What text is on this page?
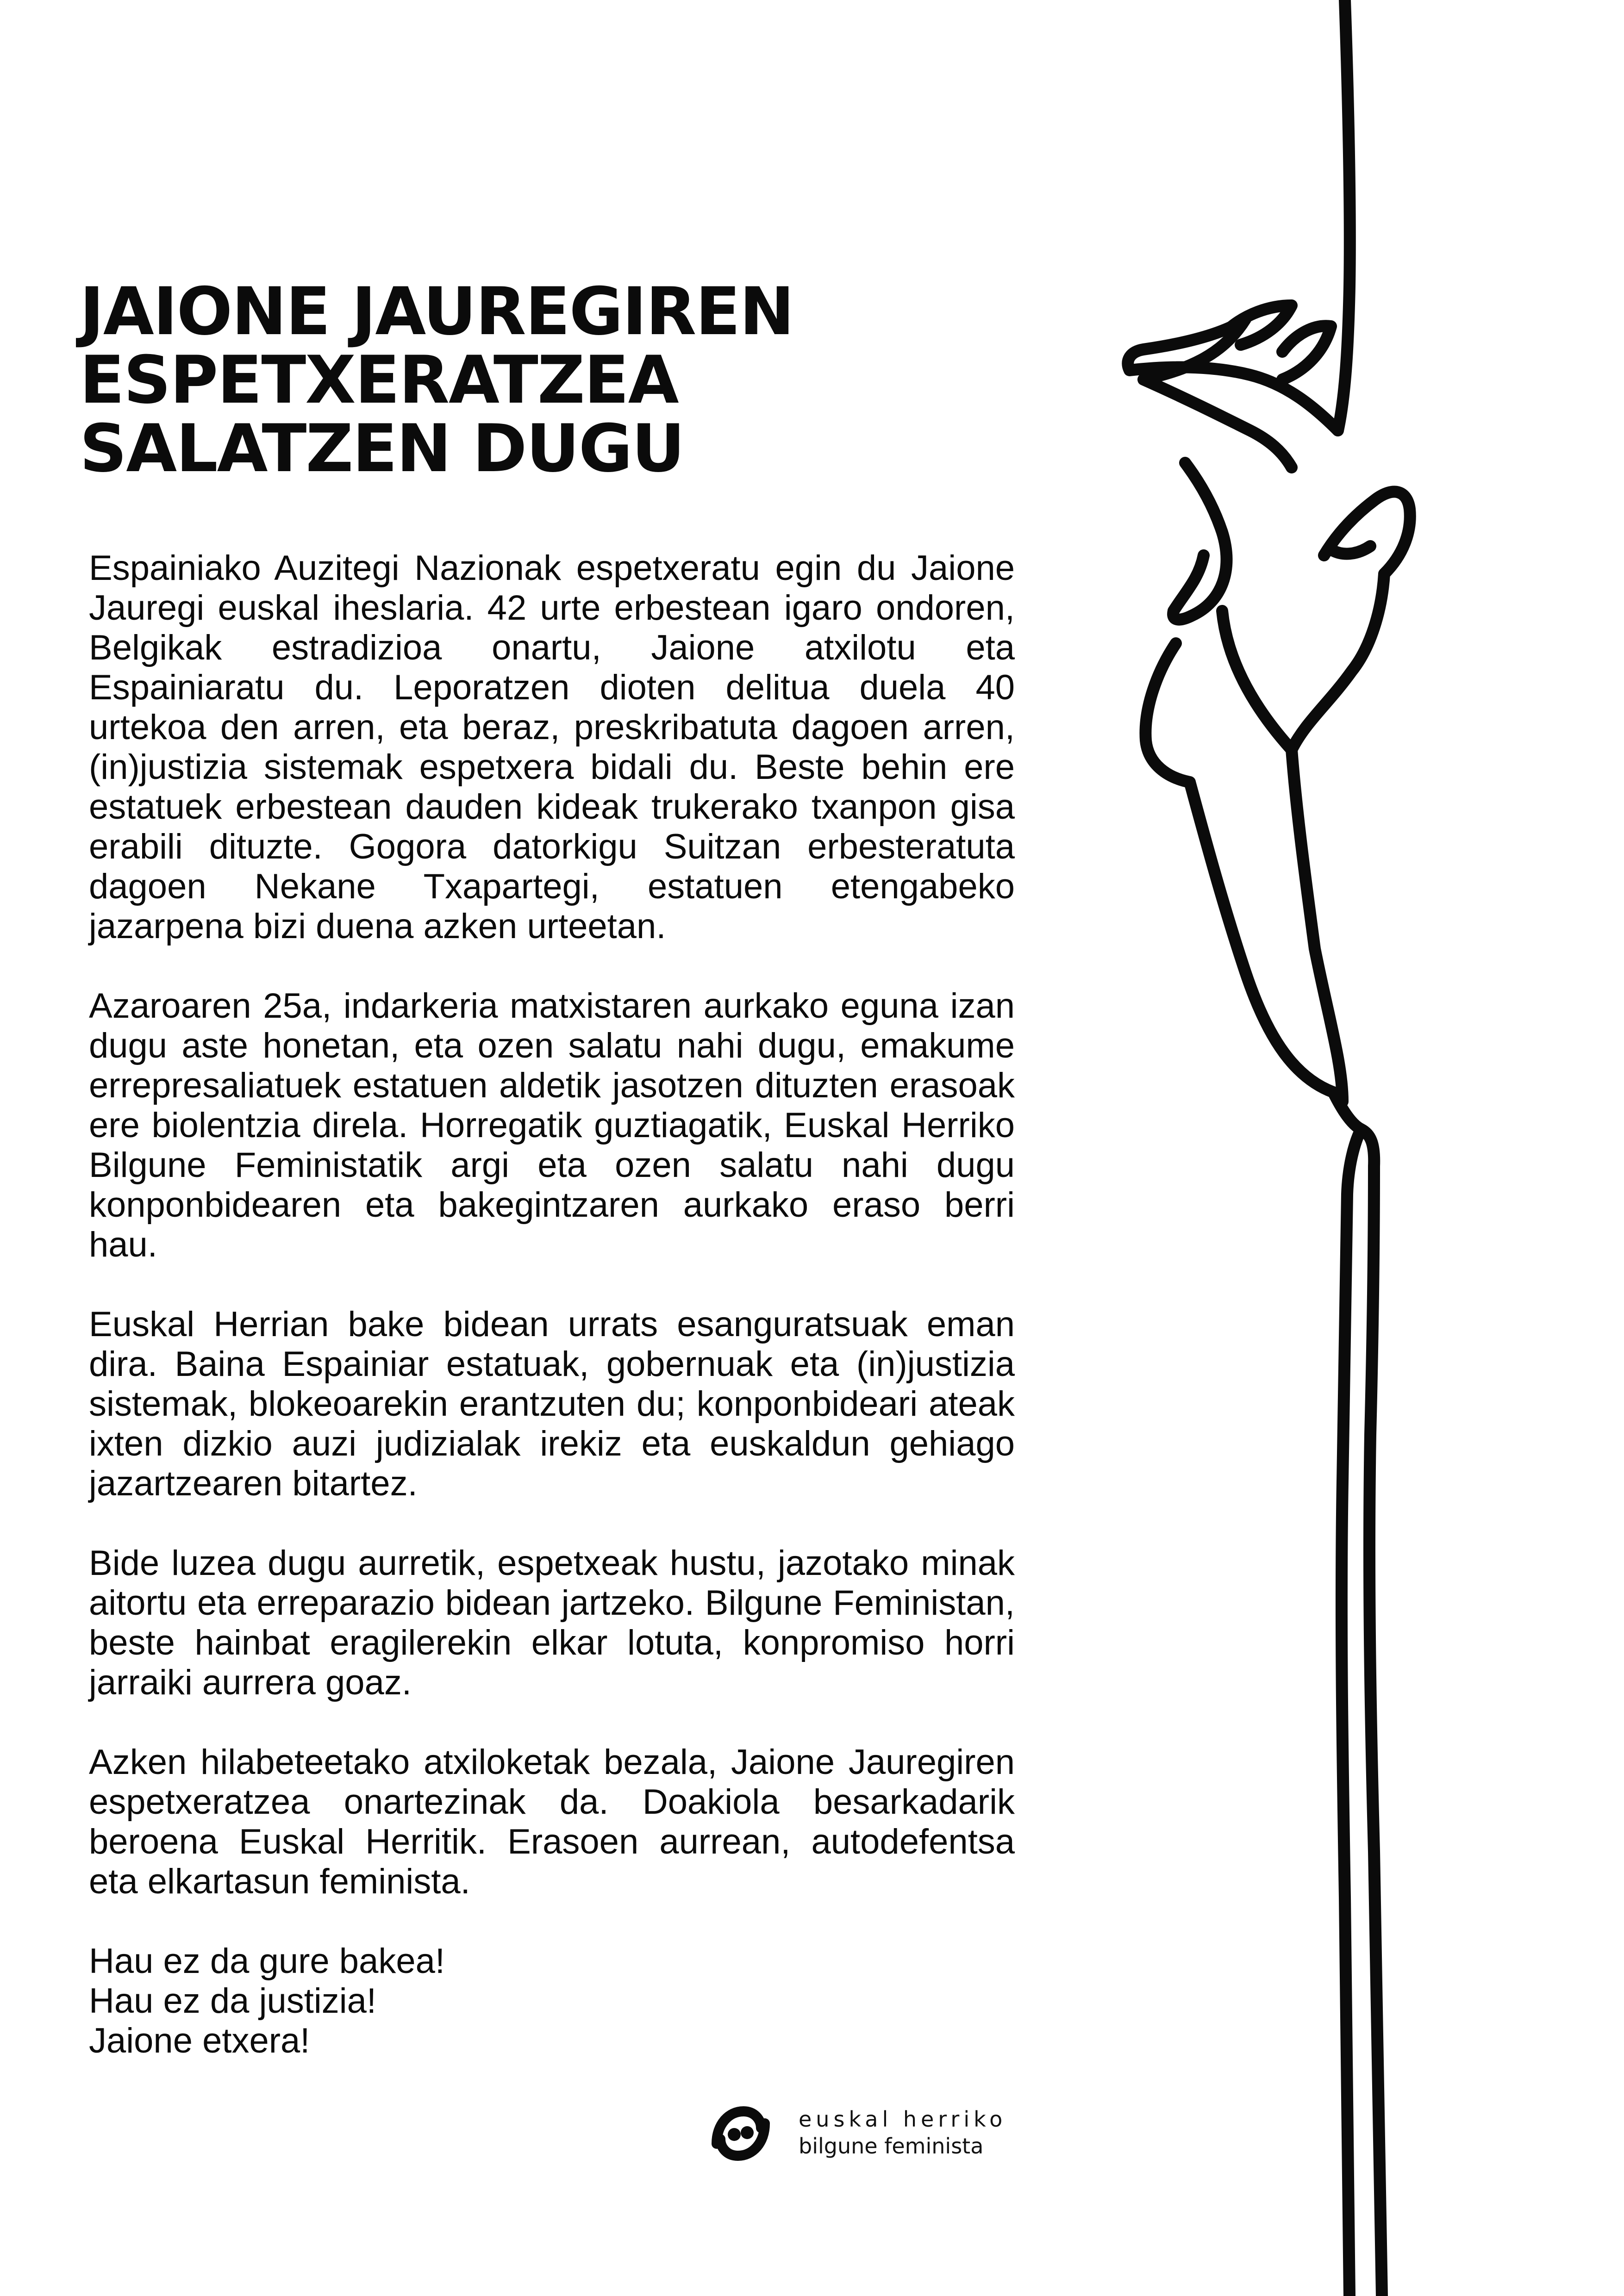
JAIONE JAUREGIREN
ESPETXERATZEA
SALATZEN DUGU

Espainiako Auzitegi Nazionak espetxeratu egin du Jaione Jauregi euskal iheslaria. 42 urte erbestean igaro ondoren, Belgikak estradizioa onartu, Jaione atxilotu eta Espainiaratu du. Leporatzen dioten delitua duela 40 urtekoa den arren, eta beraz, preskribatuta dagoen arren, (in)justizia sistemak espetxera bidali du. Beste behin ere estatuek erbestean dauden kideak trukerako txanpon gisa erabili dituzte. Gogora datorkigu Suitzan erbesteratuta dagoen Nekane Txapartegi, estatuen etengabeko jazarpena bizi duena azken urteetan.

Azaroaren 25a, indarkeria matxistaren aurkako eguna izan dugu aste honetan, eta ozen salatu nahi dugu, emakume errepresaliatuek estatuen aldetik jasotzen dituzten erasoak ere biolentzia direla. Horregatik guztiagatik, Euskal Herriko Bilgune Feministatik argi eta ozen salatu nahi dugu konponbidearen eta bakegintzaren aurkako eraso berri hau.

Euskal Herrian bake bidean urrats esanguratsuak eman dira. Baina Espainiar estatuak, gobernuak eta (in)justizia sistemak, blokeoarekin erantzuten du; konponbideari ateak ixten dizkio auzi judizialak irekiz eta euskaldun gehiago jazartzearen bitartez.

Bide luzea dugu aurretik, espetxeak hustu, jazotako minak aitortu eta erreparazio bidean jartzeko. Bilgune Feministan, beste hainbat eragilerekin elkar lotuta, konpromiso horri jarraiki aurrera goaz.

Azken hilabeteetako atxiloketak bezala, Jaione Jauregiren espetxeratzea onartezinak da. Doakiola besarkadarik beroena Euskal Herritik. Erasoen aurrean, autodefentsa eta elkartasun feminista.

Hau ez da gure bakea!
Hau ez da justizia!
Jaione etxera!

euskal herriko
bilgune feminista
